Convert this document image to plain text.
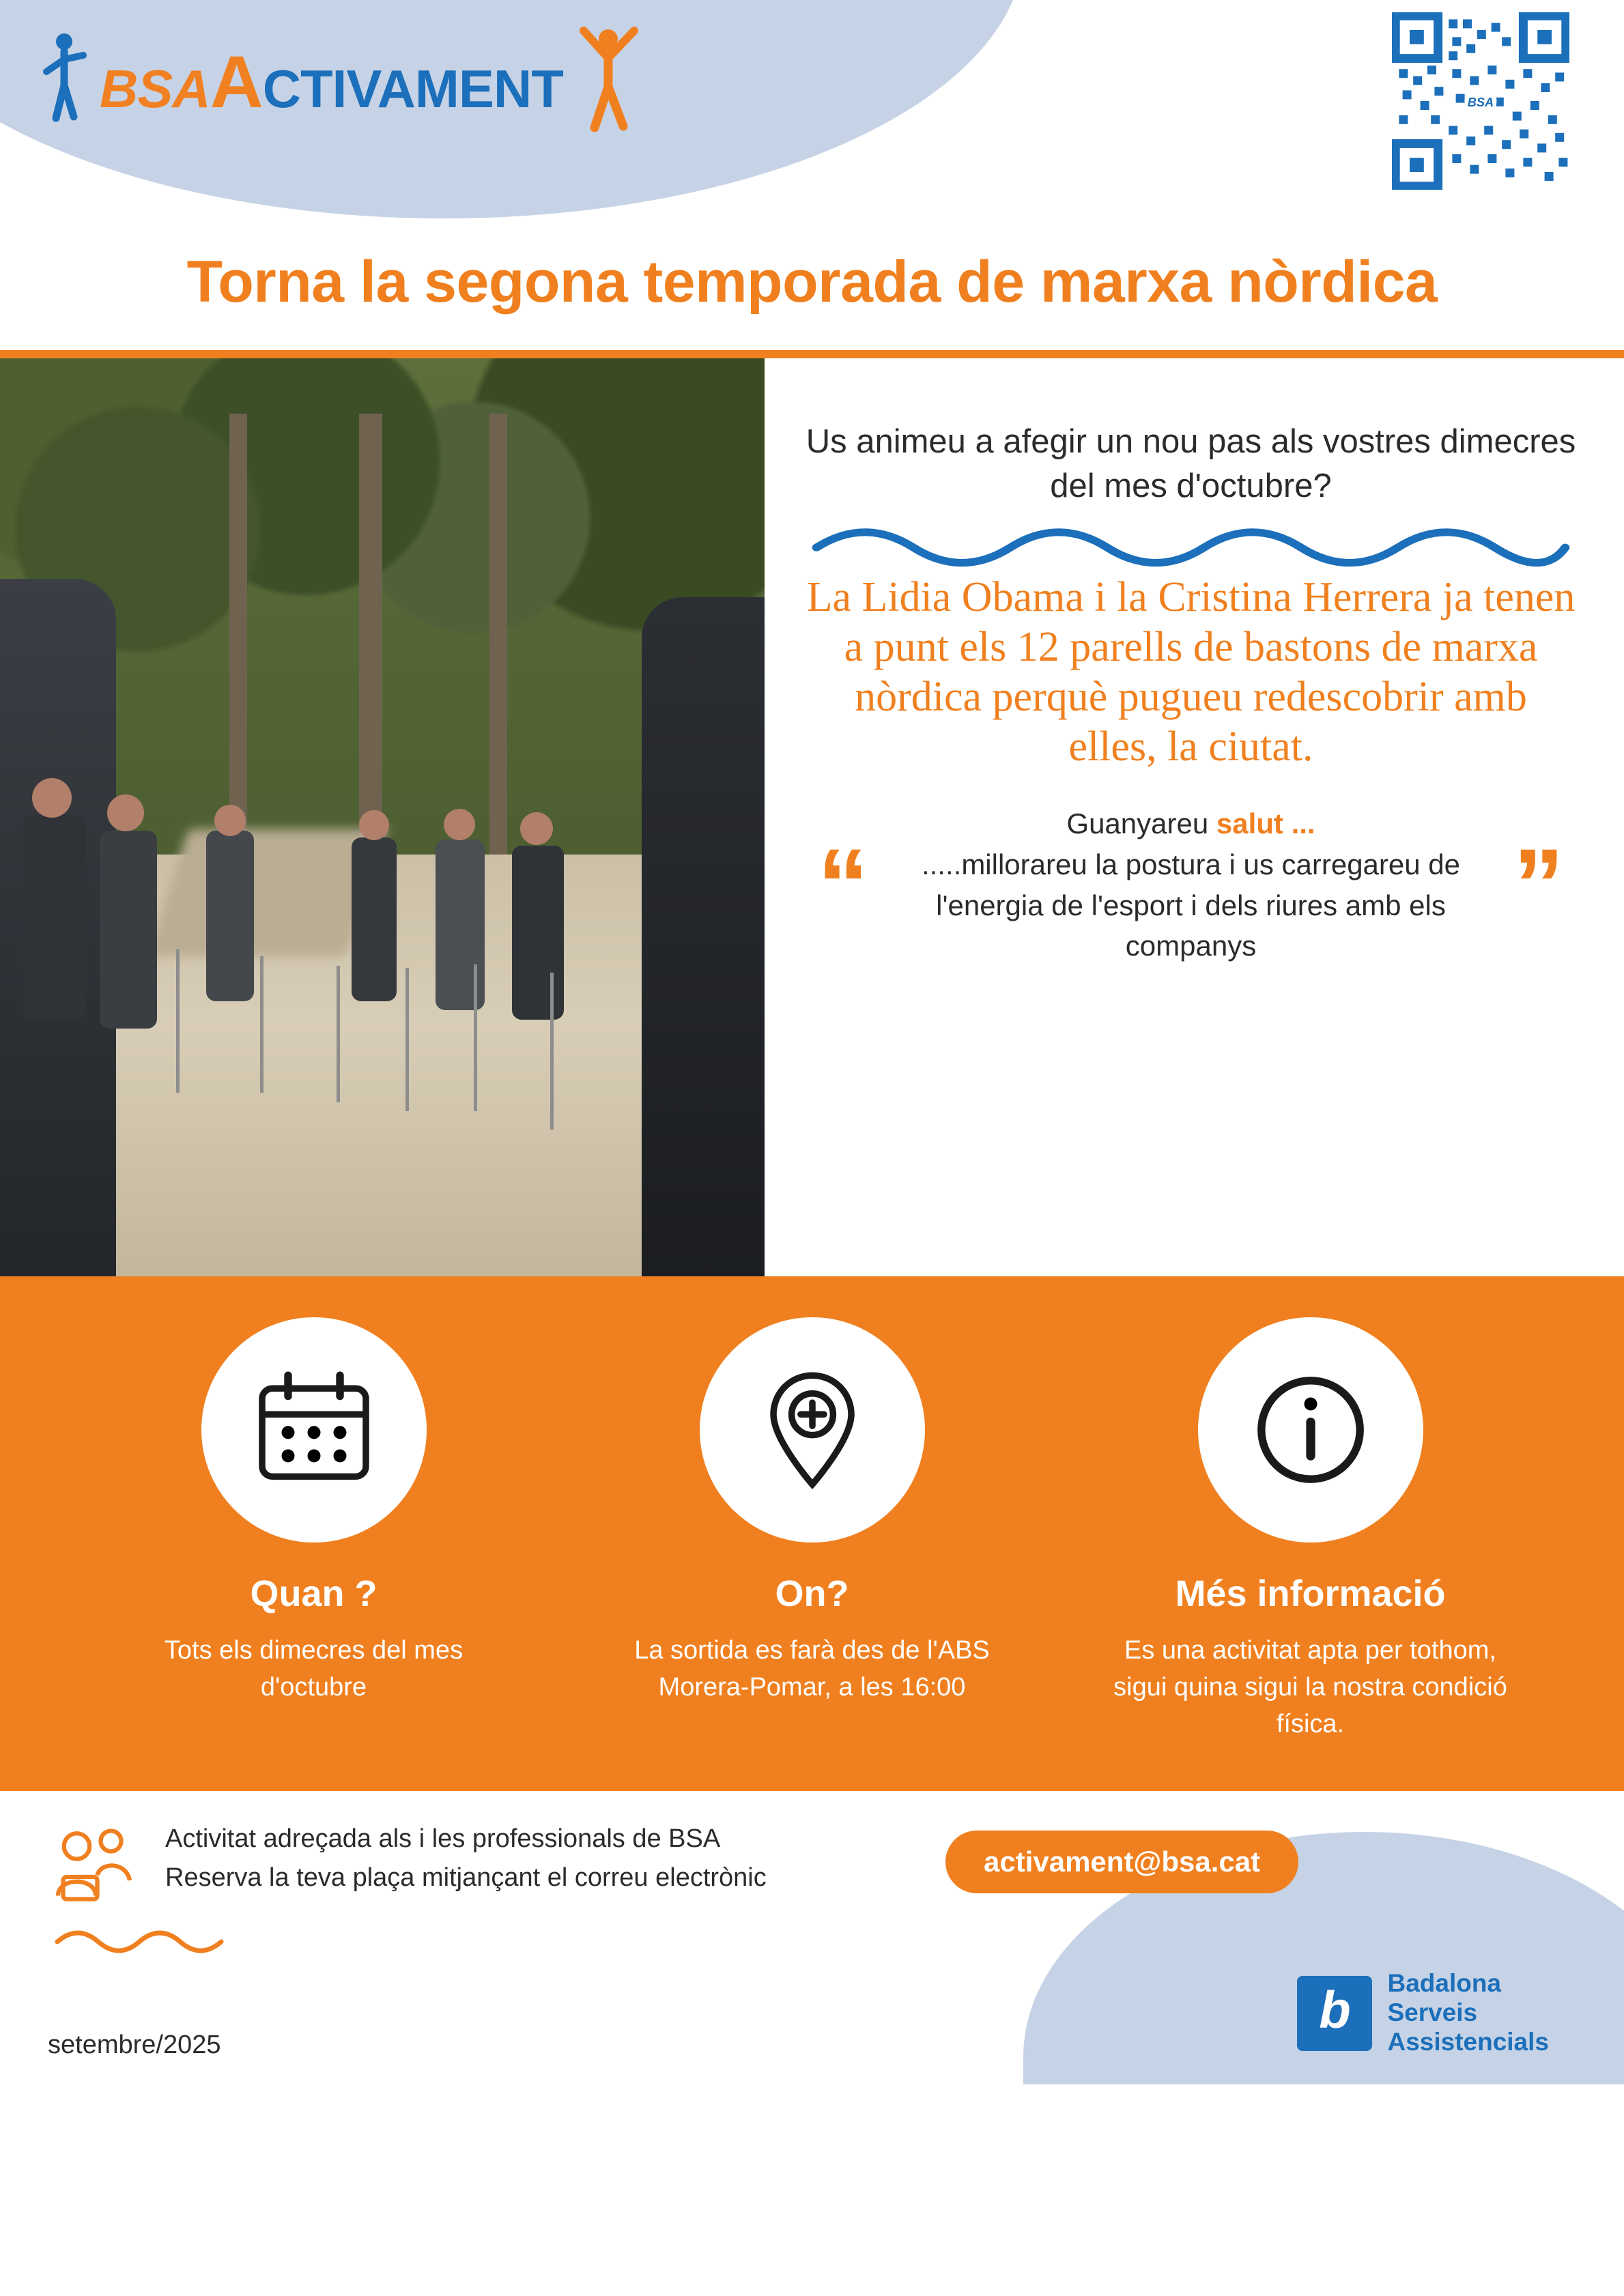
BSAACTIVAMENT	BSA
Torna la segona temporada de marxa nòrdica

Us animeu a afegir un nou pas als vostres dimecres del mes d'octubre?

La Lidia Obama i la Cristina Herrera ja tenen a punt els 12 parells de bastons de marxa nòrdica perquè pugueu redescobrir amb elles, la ciutat.

“
Guanyareu salut ...
.....millorareu la postura i us carregareu de l'energia de l'esport i dels riures amb els companys
”
Quan ?

Tots els dimecres del mes d'octubre

On?

La sortida es farà des de l'ABS Morera-Pomar, a les 16:00

Més informació

Es una activitat apta per tothom, sigui quina sigui la nostra condició física.

Activitat adreçada als i les professionals de BSA
Reserva la teva plaça mitjançant el correu electrònic	activament@bsa.cat
setembre/2025
b Badalona
Serveis
Assistencials
